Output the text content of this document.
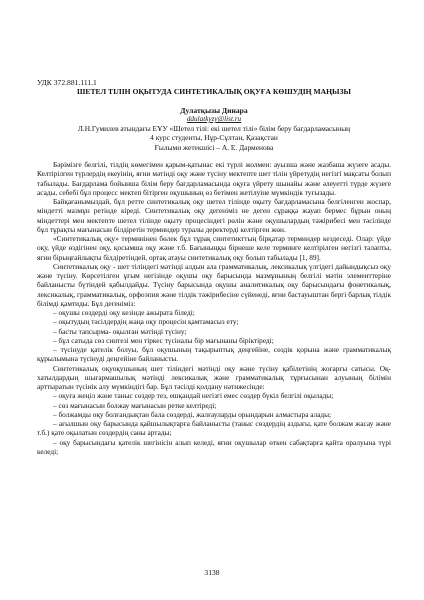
УДК 372.881.111.1
ШЕТЕЛ ТІЛІН ОҚЫТУДА СИНТЕТИКАЛЫҚ ОҚУҒА КӨШУДІҢ МАҢЫЗЫ
Дулатқызы Динара
ddulatkyzy@list.ru
Л.Н.Гумилев атындағы ЕҰУ «Шетел тілі: екі шетел тілі» білім беру бағдарламасының
4 курс студенты, Нұр-Сұлтан, Қазақстан
Ғылыми жетекшісі – А. Е. Дарменова

Бәрімізге белгілі, тілдің көмегімен қарым-қатынас екі түрлі жолмен: ауызша және жазбаша жүзеге асады. Келтірілген түрлердің екеуінің, яғни мәтінді оқу және түсіну мектепте шет тілін үйретудің негізгі мақсаты болып табылады. Бағдарлама бойынша білім беру бағдарламасында оқуға үйрету шынайы және әлеуетті түрде жүзеге асады, себебі бұл процесс мектеп бітірген оқушының өз бетімен жетілуіне мүмкіндік туғызады.

Байқағанымыздай, бұл ретте синтетикалық оқу шетел тілінде оқыту бағдарламасына белгіленген жоспар, міндетті мазмұн ретінде кіреді. Синтетикалық оқу дегеніміз не деген сұраққа жауап бермес бұрын оның міндеттері мен мектепте шетел тілінде оқыту процесіндегі рөлін және оқушылардың тәжірибесі мен тәсілінде бұл тұрақты мағынасын білдіретін терминдер туралы деректерді келтірген жөн.

«Синтетикалық оқу» терминінен бөлек бұл тұрақ синтетикттың бірқатар терминдер кездеседі. Олар: үйде оқу, үйде өздігінен оқу, қосымша оқу және т.б. Бағыныңқы бірнеше келе терминге келтірілген негізгі талапты, яғни бірыңғайлықты білдіретіндей, ортақ атауы синтетикалық оқу болып табылады [1, 89].

Синтетикалық оқу - шет тіліндегі мәтінді алдын ала грамматикалық, лексикалық үлгідегі дайындықсыз оқу және түсіну. Көрсетілген ұғым негізінде оқушы оқу барысында мазмұнының белгілі мәтін элементтеріне байланысты бүтіндей қабылдайды. Түсіну барысында оқушы аналитикалық оқу барысындағы фонетикалық, лексикалық, грамматикалық, орфоэпия және тілдік тәжірибесіне сүйенеді, яғни бастауыштан бергі барлық тілдік білімді қамтиды. Бұл дегеніміз:

– оқушы сөздерді оқу кезінде ажырата біледі;

– оқытудың тәсілдердің жаңа оқу процесін қамтамасыз ету;

– басты тапсырма- оқылған мәтінді түсіну;

– бұл сатыда сөз синтезі мен тіркес түсіналы бір мағынаны біріктіреді;

– түсінуде қателік болуы, бұл оқушының тақырыптық деңгейіне, сөздік қорына және грамматикалық құрылымына түсінуді деңгейіне байланысты.

Синтетикалық оқуоқушының шет тіліндегі мәтінді оқу және түсіну қабілетінің жоғарғы сатысы. Оқ-хатылдардың шығармашылық мәтінді лексикалық және грамматикалық тұрғысынан алуының білімін арттыратын түсінік алу мүмкіндігі бар. Бұл тәсілді қолдану нәтижесінде:

– оқуға жеңіл және таныс сөздер тез, ешқандай негізгі емес сөздер бүкіл белгілі оқылады;

– сөз мағынасын болжау мағынасын ретке келтіреді;

– болжамды оқу болғандықтан бала сөздерді, жалғауларды орындарын алмастыра алады;

– ағылшын оқу барысында қайшылықтарға байланысты (таныс сөздердің аздығы, қате болжам жасау және т.б.) қате оқылатын сөздердің саны артады;

– оқу барысындағы қателік шегінісін алып келеді, яғни оқушылар өткен сабақтарға қайта оралуына түрі келеді;

3138
